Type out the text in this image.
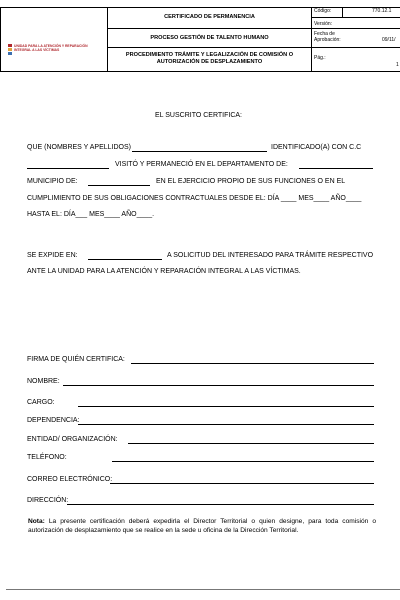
UNIDAD PARA LA ATENCIÓN Y REPARACIÓN INTEGRAL A LAS VÍCTIMAS
CERTIFICADO DE PERMANENCIA
PROCESO GESTIÓN DE TALENTO HUMANO
PROCEDIMIENTO TRÁMITE Y LEGALIZACIÓN DE COMISIÓN O AUTORIZACIÓN DE DESPLAZAMIENTO
Código:	770.12.1
Versión:
Fecha de Aprobación:	09/11/
Pág.:
1
EL SUSCRITO CERTIFICA:
QUE (NOMBRES Y APELLIDOS)	IDENTIFICADO(A) CON C.C
VISITÓ Y PERMANECIÓ EN EL DEPARTAMENTO DE:
MUNICIPIO DE:	EN EL EJERCICIO PROPIO DE SUS FUNCIONES O EN EL
CUMPLIMIENTO DE SUS OBLIGACIONES CONTRACTUALES DESDE EL: DÍA ____ MES____ AÑO____
HASTA EL: DÍA___ MES____ AÑO____.
SE EXPIDE EN:	A SOLICITUD DEL INTERESADO PARA TRÁMITE RESPECTIVO
ANTE LA UNIDAD PARA LA ATENCIÓN Y REPARACIÓN INTEGRAL A LAS VÍCTIMAS.
FIRMA DE QUIÉN CERTIFICA:
NOMBRE:
CARGO:
DEPENDENCIA:
ENTIDAD/ ORGANIZACIÓN:
TELÉFONO:
CORREO ELECTRÓNICO:
DIRECCIÓN:
Nota: La presente certificación deberá expedirla el Director Territorial o quien designe, para toda comisión o autorización de desplazamiento que se realice en la sede u oficina de la Dirección Territorial.
